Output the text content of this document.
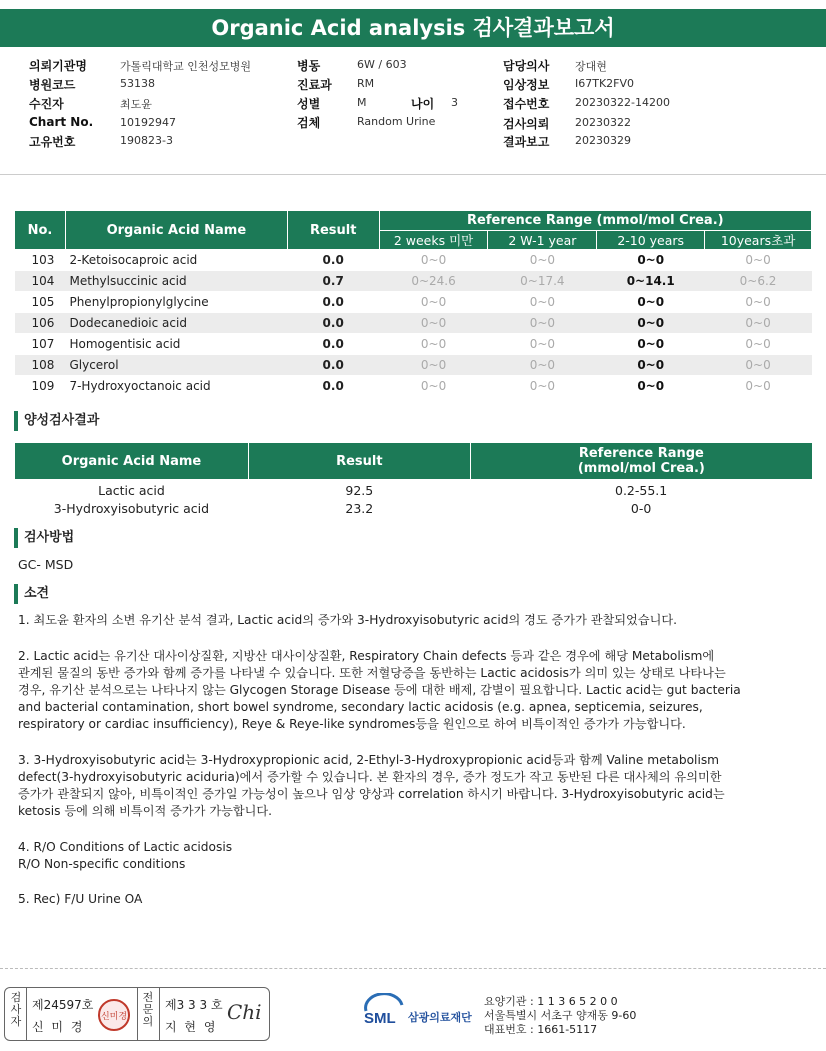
Organic Acid analysis 검사결과보고서
의뢰기관명	가톨릭대학교 인천성모병원
병원코드	53138
수진자	최도윤
Chart No. 10192947
고유번호	190823-3
병동	6W / 603
진료과 RM
성별	M	나이 3
검체	Random Urine
담당의사 장대현
임상정보 I67TK2FV0
접수번호 20230322-14200
검사의뢰 20230322
결과보고 20230329
No.	Organic Acid Name	Result	Reference Range (mmol/mol Crea.)			
			2 weeks 미만	2 W-1 year	2-10 years	10years초과
103	2-Ketoisocaproic acid	0.0	0~0	0~0	0~0	0~0
104	Methylsuccinic acid	0.7	0~24.6	0~17.4	0~14.1	0~6.2
105	Phenylpropionylglycine	0.0	0~0	0~0	0~0	0~0
106	Dodecanedioic acid	0.0	0~0	0~0	0~0	0~0
107	Homogentisic acid	0.0	0~0	0~0	0~0	0~0
108	Glycerol	0.0	0~0	0~0	0~0	0~0
109	7-Hydroxyoctanoic acid	0.0	0~0	0~0	0~0	0~0
양성검사결과
Organic Acid Name	Result	Reference Range
(mmol/mol Crea.)

Lactic acid	92.5	0.2-55.1
3-Hydroxyisobutyric acid	23.2	0-0
검사방법
GC- MSD
소견
1. 최도윤 환자의 소변 유기산 분석 결과, Lactic acid의 증가와 3-Hydroxyisobutyric acid의 경도 증가가 관찰되었습니다.
2. Lactic acid는 유기산 대사이상질환, 지방산 대사이상질환, Respiratory Chain defects 등과 같은 경우에 해당 Metabolism에
관계된 물질의 동반 증가와 함께 증가를 나타낼 수 있습니다. 또한 저혈당증을 동반하는 Lactic acidosis가 의미 있는 상태로 나타나는
경우, 유기산 분석으로는 나타나지 않는 Glycogen Storage Disease 등에 대한 배제, 감별이 필요합니다. Lactic acid는 gut bacteria
and bacterial contamination, short bowel syndrome, secondary lactic acidosis (e.g. apnea, septicemia, seizures,
respiratory or cardiac insufficiency), Reye & Reye-like syndromes등을 원인으로 하여 비특이적인 증가가 가능합니다.
3. 3-Hydroxyisobutyric acid는 3-Hydroxypropionic acid, 2-Ethyl-3-Hydroxypropionic acid등과 함께 Valine metabolism
defect(3-hydroxyisobutyric aciduria)에서 증가할 수 있습니다. 본 환자의 경우, 증가 정도가 작고 동반된 다른 대사체의 유의미한
증가가 관찰되지 않아, 비특이적인 증가일 가능성이 높으나 임상 양상과 correlation 하시기 바랍니다. 3-Hydroxyisobutyric acid는
ketosis 등에 의해 비특이적 증가가 가능합니다.
4. R/O Conditions of Lactic acidosis
R/O Non-specific conditions
5. Rec) F/U Urine OA
검사자
제24597호
신 미 경
신미경
전문의
제3 3 3 호
지 현 영
Chi	SML 삼광의료재단
요양기관 : 1 1 3 6 5 2 0 0
서울특별시 서초구 양재동 9-60
대표번호 : 1661-5117
